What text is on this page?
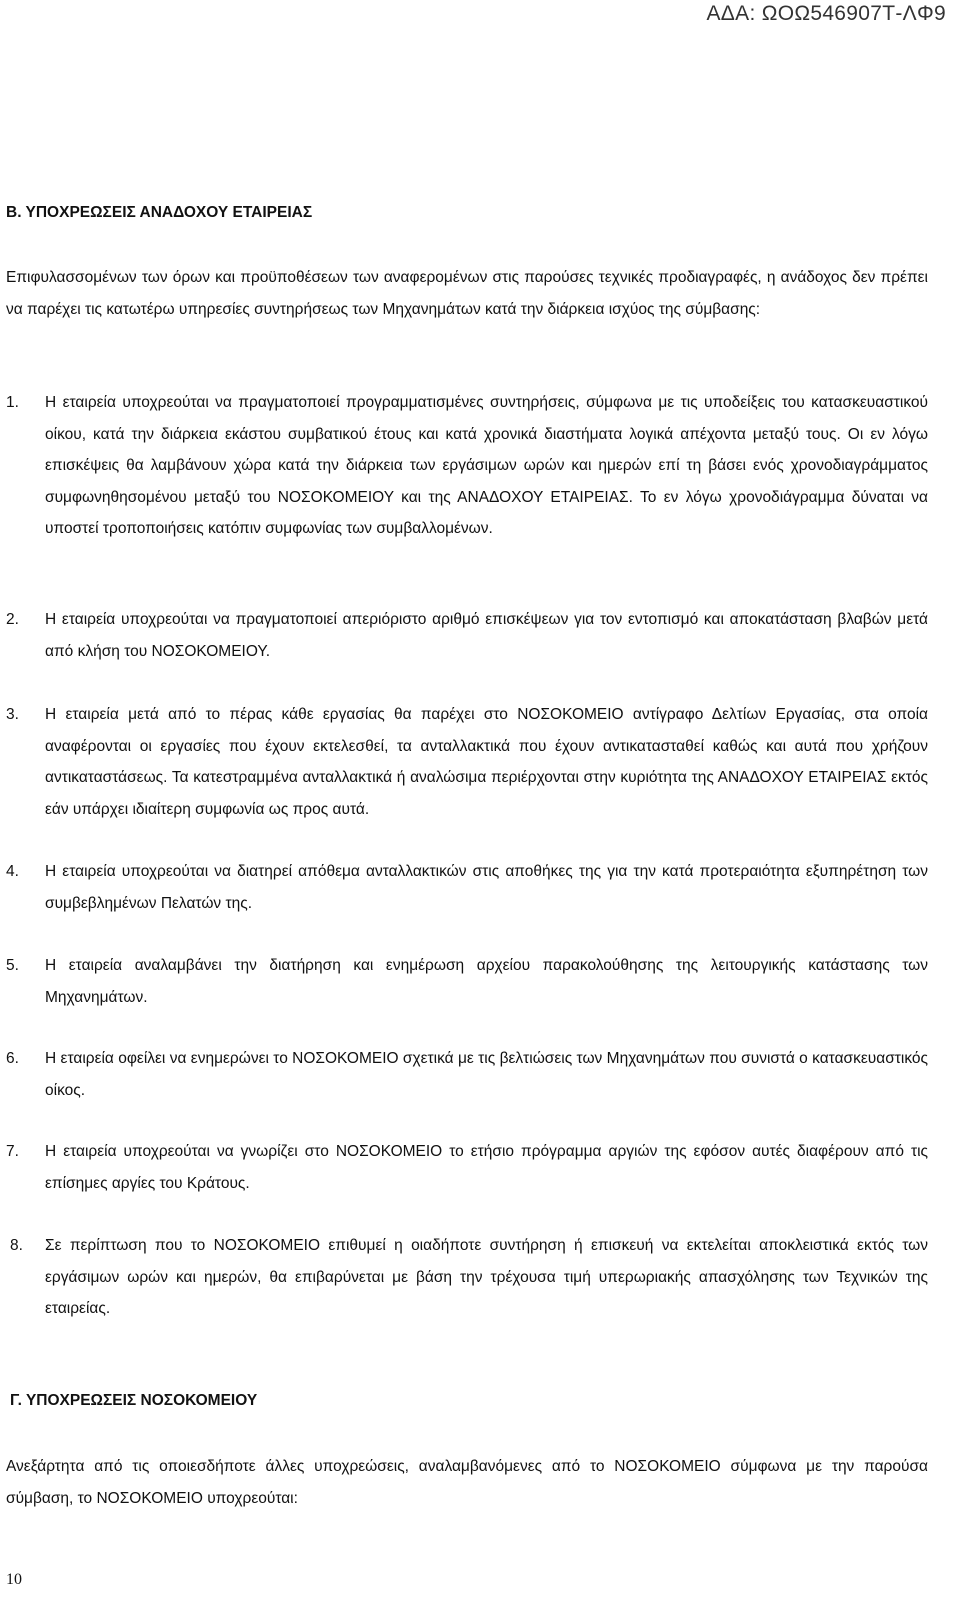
ΑΔΑ: ΩΟΩ546907Τ-ΛΦ9
Β. ΥΠΟΧΡΕΩΣΕΙΣ ΑΝΑΔΟΧΟΥ ΕΤΑΙΡΕΙΑΣ
Επιφυλασσομένων των όρων και προϋποθέσεων των αναφερομένων στις παρούσες τεχνικές προδιαγραφές, η ανάδοχος δεν πρέπει να παρέχει τις κατωτέρω υπηρεσίες συντηρήσεως των Μηχανημάτων κατά την διάρκεια ισχύος της σύμβασης:
1. Η εταιρεία υποχρεούται να πραγματοποιεί προγραμματισμένες συντηρήσεις, σύμφωνα με τις υποδείξεις του κατασκευαστικού οίκου, κατά την διάρκεια εκάστου συμβατικού έτους και κατά χρονικά διαστήματα λογικά απέχοντα μεταξύ τους. Οι εν λόγω επισκέψεις θα λαμβάνουν χώρα κατά την διάρκεια των εργάσιμων ωρών και ημερών επί τη βάσει ενός χρονοδιαγράμματος συμφωνηθησομένου μεταξύ του ΝΟΣΟΚΟΜΕΙΟΥ και της ΑΝΑΔΟΧΟΥ ΕΤΑΙΡΕΙΑΣ. Το εν λόγω χρονοδιάγραμμα δύναται να υποστεί τροποποιήσεις κατόπιν συμφωνίας των συμβαλλομένων.
2. Η εταιρεία υποχρεούται να πραγματοποιεί απεριόριστο αριθμό επισκέψεων για τον εντοπισμό και αποκατάσταση βλαβών μετά από κλήση του ΝΟΣΟΚΟΜΕΙΟΥ.
3. Η εταιρεία μετά από το πέρας κάθε εργασίας θα παρέχει στο ΝΟΣΟΚΟΜΕΙΟ αντίγραφο Δελτίων Εργασίας, στα οποία αναφέρονται οι εργασίες που έχουν εκτελεσθεί, τα ανταλλακτικά που έχουν αντικατασταθεί καθώς και αυτά που χρήζουν αντικαταστάσεως. Τα κατεστραμμένα ανταλλακτικά ή αναλώσιμα περιέρχονται στην κυριότητα της ΑΝΑΔΟΧΟΥ ΕΤΑΙΡΕΙΑΣ εκτός εάν υπάρχει ιδιαίτερη συμφωνία ως προς αυτά.
4. Η εταιρεία υποχρεούται να διατηρεί απόθεμα ανταλλακτικών στις αποθήκες της για την κατά προτεραιότητα εξυπηρέτηση των συμβεβλημένων Πελατών της.
5. Η εταιρεία αναλαμβάνει την διατήρηση και ενημέρωση αρχείου παρακολούθησης της λειτουργικής κατάστασης των Μηχανημάτων.
6. Η εταιρεία οφείλει να ενημερώνει το ΝΟΣΟΚΟΜΕΙΟ σχετικά με τις βελτιώσεις των Μηχανημάτων που συνιστά ο κατασκευαστικός οίκος.
7. Η εταιρεία υποχρεούται να γνωρίζει στο ΝΟΣΟΚΟΜΕΙΟ το ετήσιο πρόγραμμα αργιών της εφόσον αυτές διαφέρουν από τις επίσημες αργίες του Κράτους.
8. Σε περίπτωση που το ΝΟΣΟΚΟΜΕΙΟ επιθυμεί η οιαδήποτε συντήρηση ή επισκευή να εκτελείται αποκλειστικά εκτός των εργάσιμων ωρών και ημερών, θα επιβαρύνεται με βάση την τρέχουσα τιμή υπερωριακής απασχόλησης των Τεχνικών της εταιρείας.
Γ. ΥΠΟΧΡΕΩΣΕΙΣ ΝΟΣΟΚΟΜΕΙΟΥ
Ανεξάρτητα από τις οποιεσδήποτε άλλες υποχρεώσεις, αναλαμβανόμενες από το ΝΟΣΟΚΟΜΕΙΟ σύμφωνα με την παρούσα σύμβαση, το ΝΟΣΟΚΟΜΕΙΟ υποχρεούται:
10
